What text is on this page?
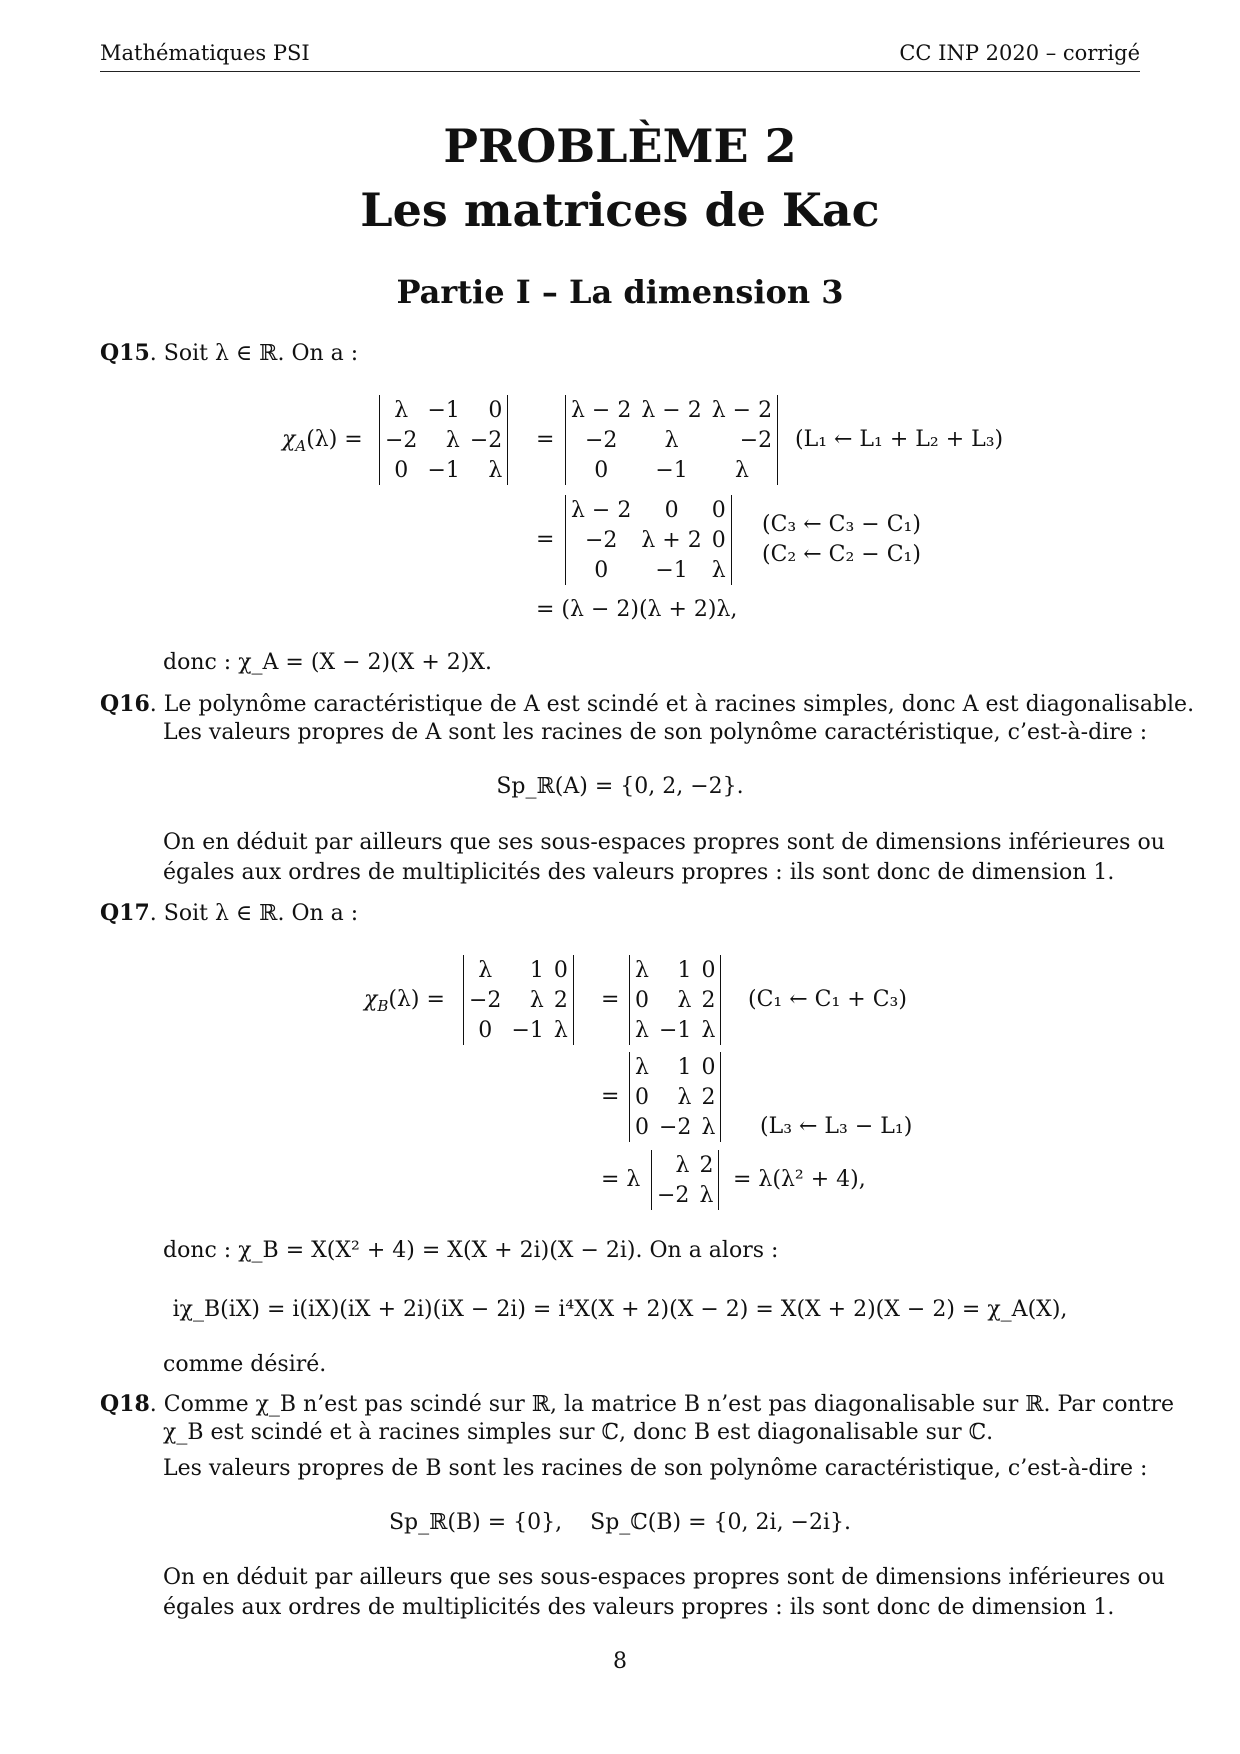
Mathématiques PSI	CC INP 2020 – corrigé
PROBLÈME 2
Les matrices de Kac
Partie I – La dimension 3
Q15. Soit λ ∈ ℝ. On a :
$\chi_A(\lambda)$ =
λ	−1	0
−2	λ	−2
0	−1	λ
=
λ − 2	λ − 2	λ − 2
−2	λ	−2
0	−1	λ
(L₁ ← L₁ + L₂ + L₃)
=
λ − 2	0	0
−2	λ + 2	0
0	−1	λ
(C₃ ← C₃ − C₁)
(C₂ ← C₂ − C₁)
= (λ − 2)(λ + 2)λ,
donc : χ_A = (X − 2)(X + 2)X.
Q16. Le polynôme caractéristique de A est scindé et à racines simples, donc A est diagonalisable.
Les valeurs propres de A sont les racines de son polynôme caractéristique, c’est-à-dire :
Sp_ℝ(A) = {0, 2, −2}.
On en déduit par ailleurs que ses sous-espaces propres sont de dimensions inférieures ou
égales aux ordres de multiplicités des valeurs propres : ils sont donc de dimension 1.
Q17. Soit λ ∈ ℝ. On a :
$\chi_B(\lambda)$ =
λ	1	0
−2	λ	2
0	−1	λ
=
λ	1	0
0	λ	2
λ	−1	λ
(C₁ ← C₁ + C₃)
=
λ	1	0
0	λ	2
0	−2	λ (L₃ ← L₃ − L₁)
= λ
λ	2
−2	λ
= λ(λ² + 4),
donc : χ_B = X(X² + 4) = X(X + 2i)(X − 2i). On a alors :
iχ_B(iX) = i(iX)(iX + 2i)(iX − 2i) = i⁴X(X + 2)(X − 2) = X(X + 2)(X − 2) = χ_A(X),
comme désiré.
Q18. Comme χ_B n’est pas scindé sur ℝ, la matrice B n’est pas diagonalisable sur ℝ. Par contre
χ_B est scindé et à racines simples sur ℂ, donc B est diagonalisable sur ℂ.
Les valeurs propres de B sont les racines de son polynôme caractéristique, c’est-à-dire :
Sp_ℝ(B) = {0},    Sp_ℂ(B) = {0, 2i, −2i}.
On en déduit par ailleurs que ses sous-espaces propres sont de dimensions inférieures ou
égales aux ordres de multiplicités des valeurs propres : ils sont donc de dimension 1.
8
